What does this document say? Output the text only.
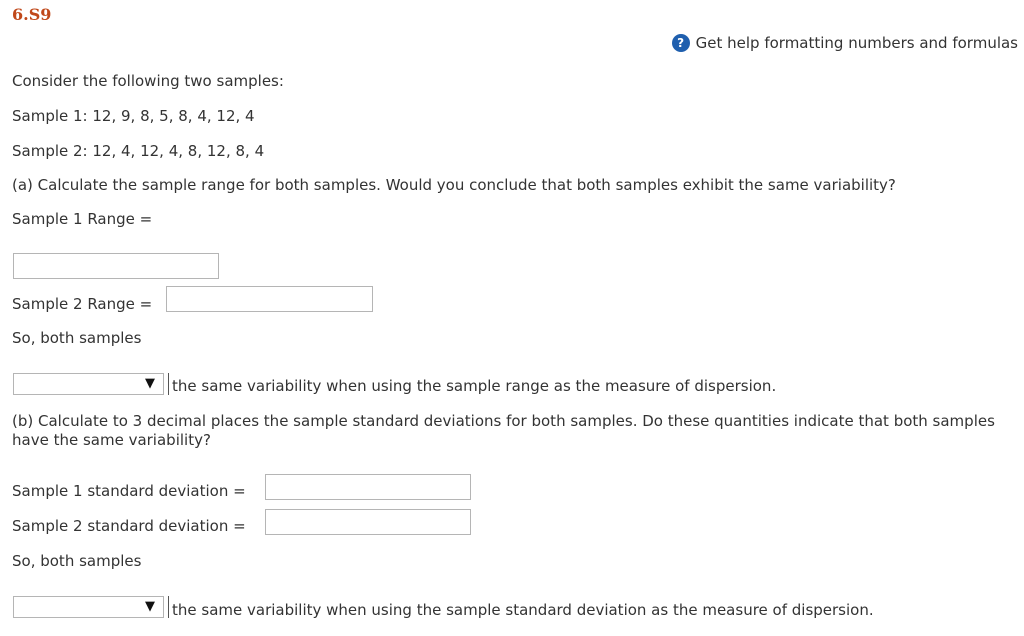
6.S9
? Get help formatting numbers and formulas
Consider the following two samples:
Sample 1: 12, 9, 8, 5, 8, 4, 12, 4
Sample 2: 12, 4, 12, 4, 8, 12, 8, 4
(a) Calculate the sample range for both samples. Would you conclude that both samples exhibit the same variability?
Sample 1 Range =
Sample 2 Range =
So, both samples
▼ the same variability when using the sample range as the measure of dispersion.
(b) Calculate to 3 decimal places the sample standard deviations for both samples. Do these quantities indicate that both samples have the same variability?
Sample 1 standard deviation =
Sample 2 standard deviation =
So, both samples
▼ the same variability when using the sample standard deviation as the measure of dispersion.
